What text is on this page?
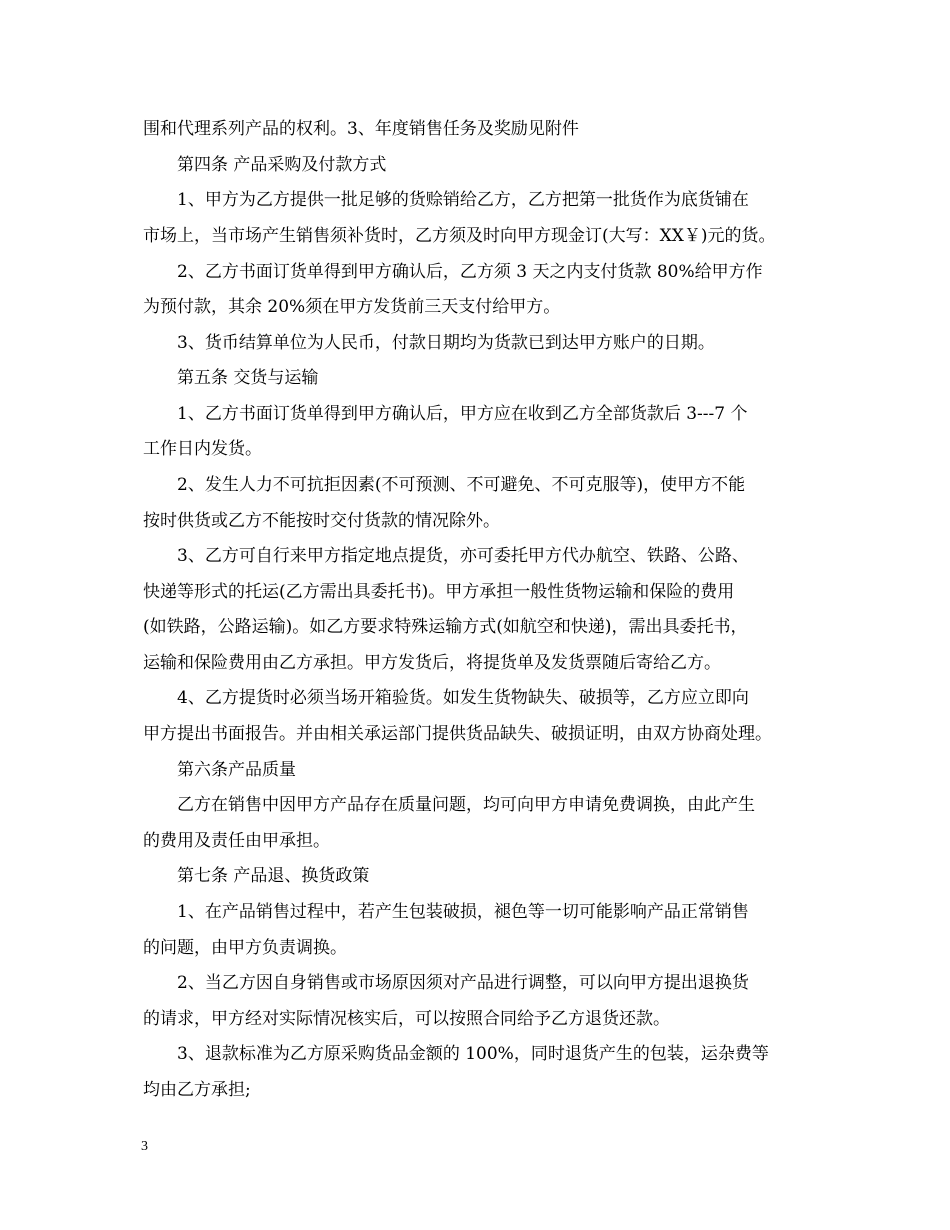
围和代理系列产品的权利。3、年度销售任务及奖励见附件
第四条 产品采购及付款方式
1、甲方为乙方提供一批足够的货赊销给乙方，乙方把第一批货作为底货铺在
市场上，当市场产生销售须补货时，乙方须及时向甲方现金订(大写：XX￥)元的货。
2、乙方书面订货单得到甲方确认后，乙方须 3 天之内支付货款 80%给甲方作
为预付款，其余 20%须在甲方发货前三天支付给甲方。
3、货币结算单位为人民币，付款日期均为货款已到达甲方账户的日期。
第五条 交货与运输
1、乙方书面订货单得到甲方确认后，甲方应在收到乙方全部货款后 3---7 个
工作日内发货。
2、发生人力不可抗拒因素(不可预测、不可避免、不可克服等)，使甲方不能
按时供货或乙方不能按时交付货款的情况除外。
3、乙方可自行来甲方指定地点提货，亦可委托甲方代办航空、铁路、公路、
快递等形式的托运(乙方需出具委托书)。甲方承担一般性货物运输和保险的费用
(如铁路，公路运输)。如乙方要求特殊运输方式(如航空和快递)，需出具委托书，
运输和保险费用由乙方承担。甲方发货后，将提货单及发货票随后寄给乙方。
4、乙方提货时必须当场开箱验货。如发生货物缺失、破损等，乙方应立即向
甲方提出书面报告。并由相关承运部门提供货品缺失、破损证明，由双方协商处理。
第六条产品质量
乙方在销售中因甲方产品存在质量问题，均可向甲方申请免费调换，由此产生
的费用及责任由甲承担。
第七条 产品退、换货政策
1、在产品销售过程中，若产生包装破损，褪色等一切可能影响产品正常销售
的问题，由甲方负责调换。
2、当乙方因自身销售或市场原因须对产品进行调整，可以向甲方提出退换货
的请求，甲方经对实际情况核实后，可以按照合同给予乙方退货还款。
3、退款标准为乙方原采购货品金额的 100%，同时退货产生的包装，运杂费等
均由乙方承担;
3
